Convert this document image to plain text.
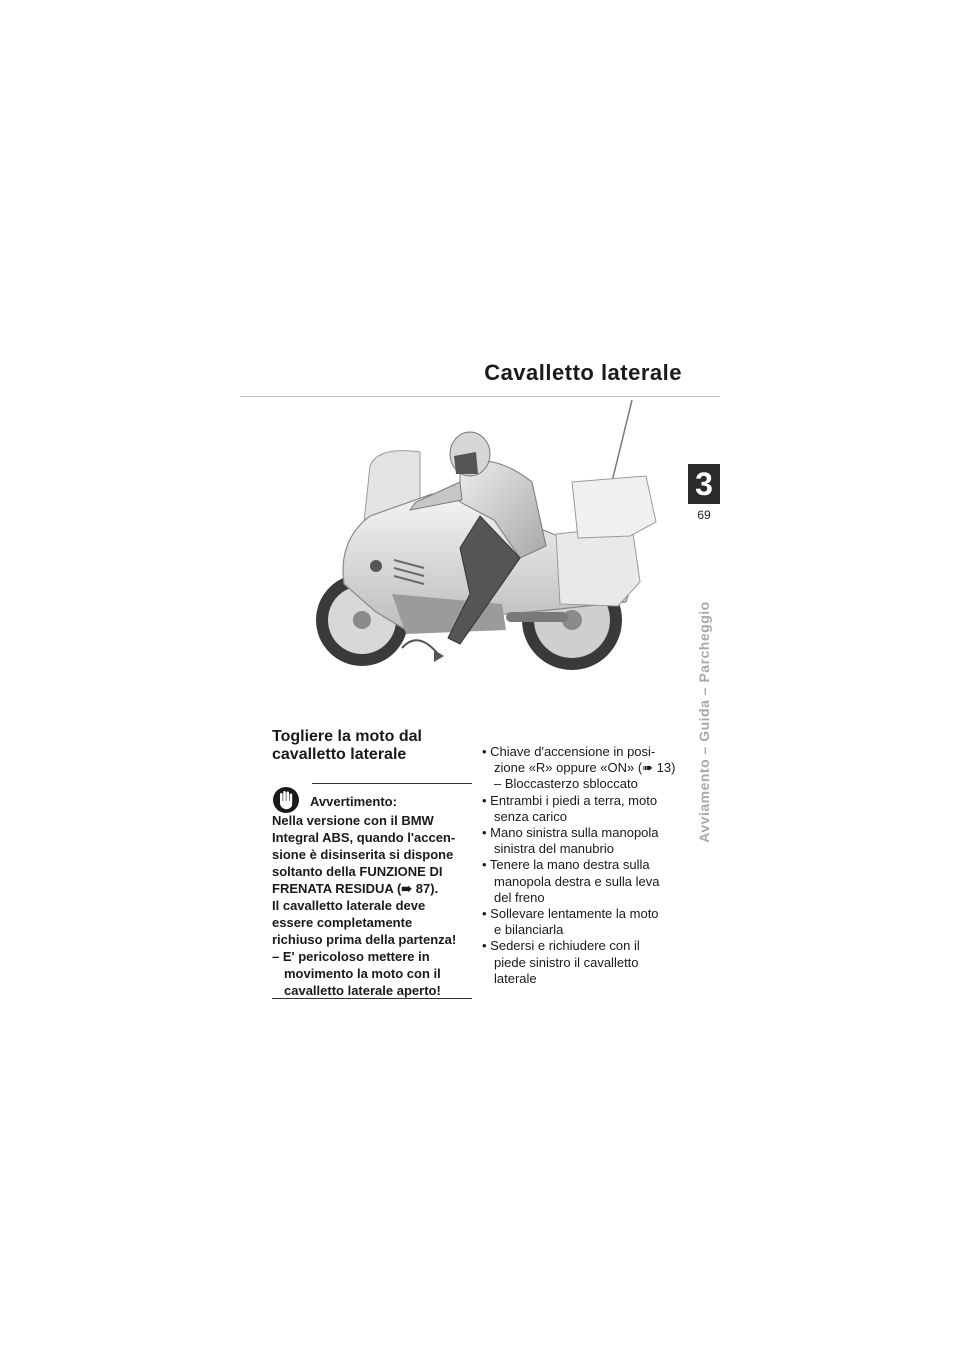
Cavalletto laterale
3
69
Avviamento – Guida – Parcheggio
Togliere la moto dal
cavalletto laterale
Avvertimento:
Nella versione con il BMW
Integral ABS, quando l'accen-
sione è disinserita si dispone
soltanto della FUNZIONE DI
FRENATA RESIDUA (➠ 87).
Il cavalletto laterale deve
essere completamente
richiuso prima della partenza!
– E' pericoloso mettere in
movimento la moto con il
cavalletto laterale aperto!
• Chiave d'accensione in posi-
zione «R» oppure «ON» (➠ 13)
– Bloccasterzo sbloccato
• Entrambi i piedi a terra, moto
senza carico
• Mano sinistra sulla manopola
sinistra del manubrio
• Tenere la mano destra sulla
manopola destra e sulla leva
del freno
• Sollevare lentamente la moto
e bilanciarla
• Sedersi e richiudere con il
piede sinistro il cavalletto
laterale
